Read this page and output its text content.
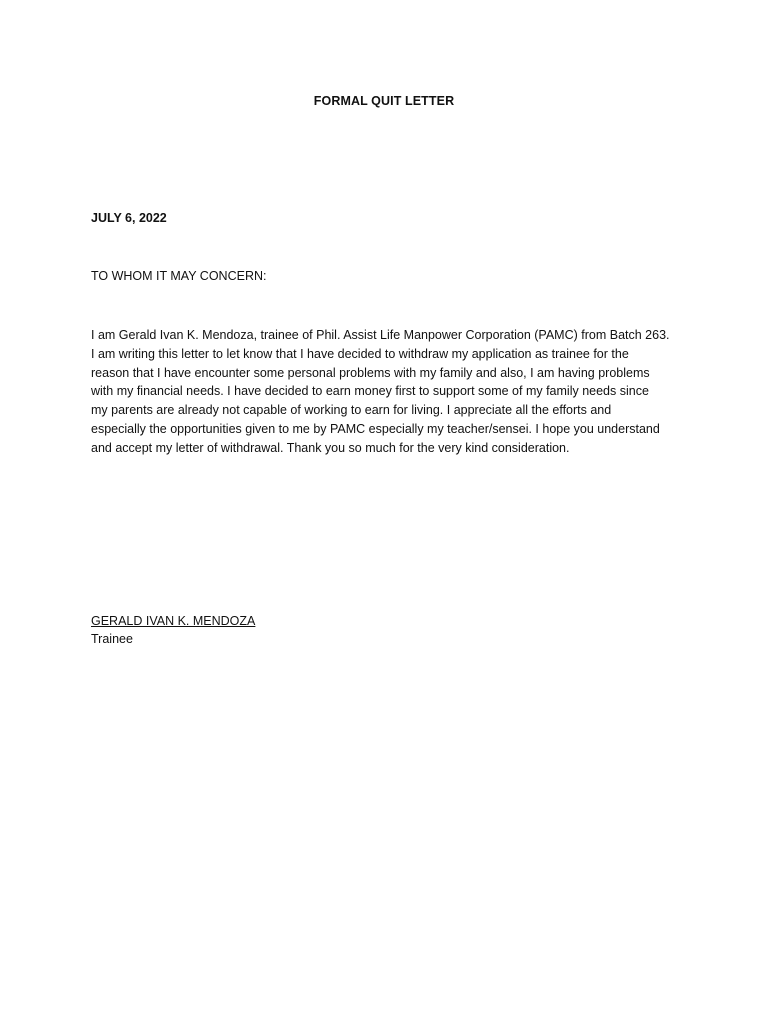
FORMAL QUIT LETTER
JULY 6, 2022
TO WHOM IT MAY CONCERN:
I am Gerald Ivan K. Mendoza, trainee of Phil. Assist Life Manpower Corporation (PAMC) from Batch 263.
I am writing this letter to let know that I have decided to withdraw my application as trainee for the
reason that I have encounter some personal problems with my family and also, I am having problems
with my financial needs. I have decided to earn money first to support some of my family needs since
my parents are already not capable of working to earn for living. I appreciate all the efforts and
especially the opportunities given to me by PAMC especially my teacher/sensei. I hope you understand
and accept my letter of withdrawal. Thank you so much for the very kind consideration.
GERALD IVAN K. MENDOZA
Trainee
